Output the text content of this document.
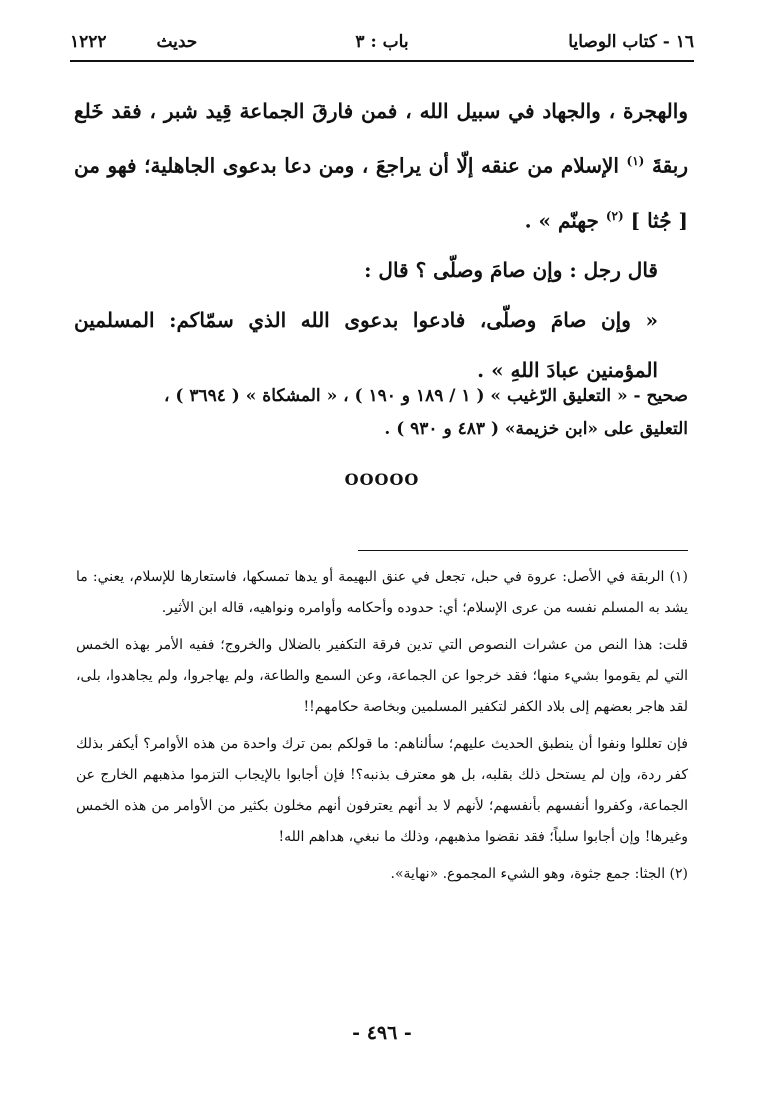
١٦ - كتاب الوصايا
باب : ٣
حديث ١٢٢٢

والهجرة ، والجهاد في سبيل الله ، فمن فارقَ الجماعة قِيد شبر ، فقد خَلع ربقةَ $^{(١)}$ الإسلام من عنقه إلّا أن يراجعَ ، ومن دعا بدعوى الجاهلية؛ فهو من [ جُثا ] $^{(٢)}$ جهنّم » .

قال رجل : وإن صامَ وصلّى ؟ قال :

« وإن صامَ وصلّى، فادعوا بدعوى الله الذي سمّاكم: المسلمين المؤمنين عبادَ اللهِ » .

صحيح - « التعليق الرّغيب » ( ١ / ١٨٩ و ١٩٠ ) ، « المشكاة » ( ٣٦٩٤ ) ،
التعليق على «ابن خزيمة» ( ٤٨٣ و ٩٣٠ ) .
OOOOO

(١) الربقة في الأصل: عروة في حبل، تجعل في عنق البهيمة أو يدها تمسكها، فاستعارها للإسلام، يعني: ما يشد به المسلم نفسه من عرى الإسلام؛ أي: حدوده وأحكامه وأوامره ونواهيه، قاله ابن الأثير.

قلت: هذا النص من عشرات النصوص التي تدين فرقة التكفير بالضلال والخروج؛ ففيه الأمر بهذه الخمس التي لم يقوموا بشيء منها؛ فقد خرجوا عن الجماعة، وعن السمع والطاعة، ولم يهاجروا، ولم يجاهدوا، بلى، لقد هاجر بعضهم إلى بلاد الكفر لتكفير المسلمين وبخاصة حكامهم!!

فإن تعللوا ونفوا أن ينطبق الحديث عليهم؛ سألناهم: ما قولكم بمن ترك واحدة من هذه الأوامر؟ أيكفر بذلك كفر ردة، وإن لم يستحل ذلك بقلبه، بل هو معترف بذنبه؟! فإن أجابوا بالإيجاب التزموا مذهبهم الخارج عن الجماعة، وكفروا أنفسهم بأنفسهم؛ لأنهم لا بد أنهم يعترفون أنهم مخلون بكثير من الأوامر من هذه الخمس وغيرها! وإن أجابوا سلباً؛ فقد نقضوا مذهبهم، وذلك ما نبغي، هداهم الله!

(٢) الجثا: جمع جثوة، وهو الشيء المجموع. «نهاية».

- ٤٩٦ -
